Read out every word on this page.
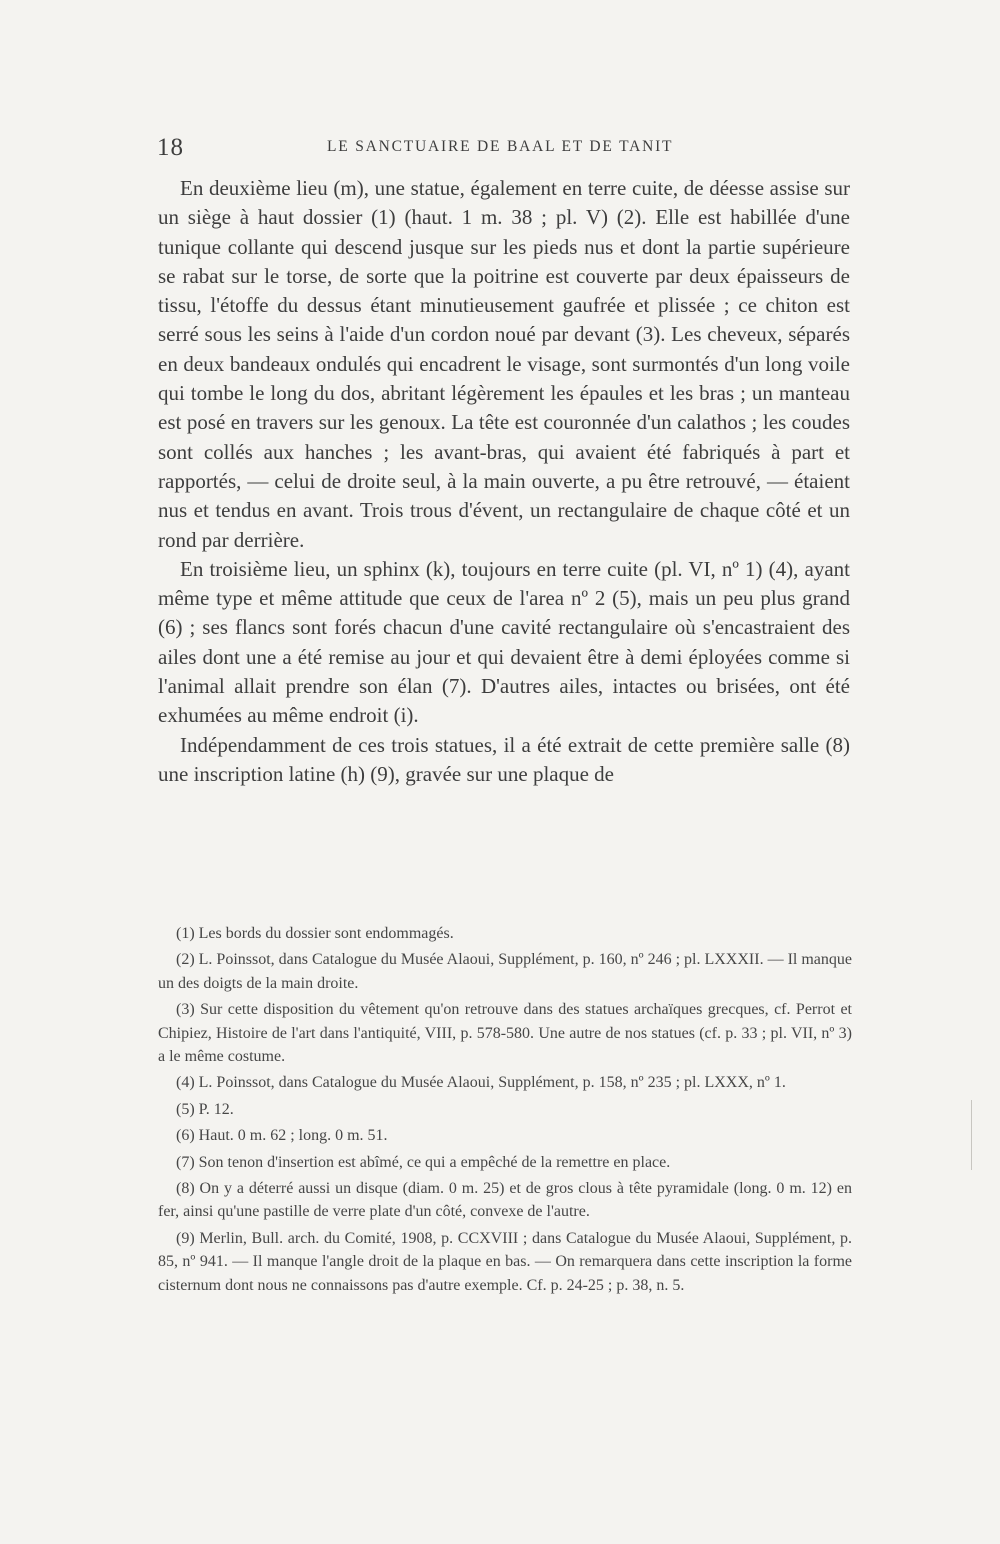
18	LE SANCTUAIRE DE BAAL ET DE TANIT

En deuxième lieu (m), une statue, également en terre cuite, de déesse assise sur un siège à haut dossier (1) (haut. 1 m. 38 ; pl. V) (2). Elle est habillée d'une tunique collante qui descend jusque sur les pieds nus et dont la partie supérieure se rabat sur le torse, de sorte que la poitrine est couverte par deux épaisseurs de tissu, l'étoffe du dessus étant minutieusement gaufrée et plissée ; ce chiton est serré sous les seins à l'aide d'un cordon noué par devant (3). Les cheveux, séparés en deux bandeaux ondulés qui encadrent le visage, sont surmontés d'un long voile qui tombe le long du dos, abritant légèrement les épaules et les bras ; un manteau est posé en travers sur les genoux. La tête est couronnée d'un calathos ; les coudes sont collés aux hanches ; les avant-bras, qui avaient été fabriqués à part et rapportés, — celui de droite seul, à la main ouverte, a pu être retrouvé, — étaient nus et tendus en avant. Trois trous d'évent, un rectangulaire de chaque côté et un rond par derrière.

En troisième lieu, un sphinx (k), toujours en terre cuite (pl. VI, nº 1) (4), ayant même type et même attitude que ceux de l'area nº 2 (5), mais un peu plus grand (6) ; ses flancs sont forés chacun d'une cavité rectangulaire où s'encastraient des ailes dont une a été remise au jour et qui devaient être à demi éployées comme si l'animal allait prendre son élan (7). D'autres ailes, intactes ou brisées, ont été exhumées au même endroit (i).

Indépendamment de ces trois statues, il a été extrait de cette première salle (8) une inscription latine (h) (9), gravée sur une plaque de

(1) Les bords du dossier sont endommagés.

(2) L. Poinssot, dans Catalogue du Musée Alaoui, Supplément, p. 160, nº 246 ; pl. LXXXII. — Il manque un des doigts de la main droite.

(3) Sur cette disposition du vêtement qu'on retrouve dans des statues archaïques grecques, cf. Perrot et Chipiez, Histoire de l'art dans l'antiquité, VIII, p. 578-580. Une autre de nos statues (cf. p. 33 ; pl. VII, nº 3) a le même costume.

(4) L. Poinssot, dans Catalogue du Musée Alaoui, Supplément, p. 158, nº 235 ; pl. LXXX, nº 1.

(5) P. 12.

(6) Haut. 0 m. 62 ; long. 0 m. 51.

(7) Son tenon d'insertion est abîmé, ce qui a empêché de la remettre en place.

(8) On y a déterré aussi un disque (diam. 0 m. 25) et de gros clous à tête pyramidale (long. 0 m. 12) en fer, ainsi qu'une pastille de verre plate d'un côté, convexe de l'autre.

(9) Merlin, Bull. arch. du Comité, 1908, p. CCXVIII ; dans Catalogue du Musée Alaoui, Supplément, p. 85, nº 941. — Il manque l'angle droit de la plaque en bas. — On remarquera dans cette inscription la forme cisternum dont nous ne connaissons pas d'autre exemple. Cf. p. 24-25 ; p. 38, n. 5.
